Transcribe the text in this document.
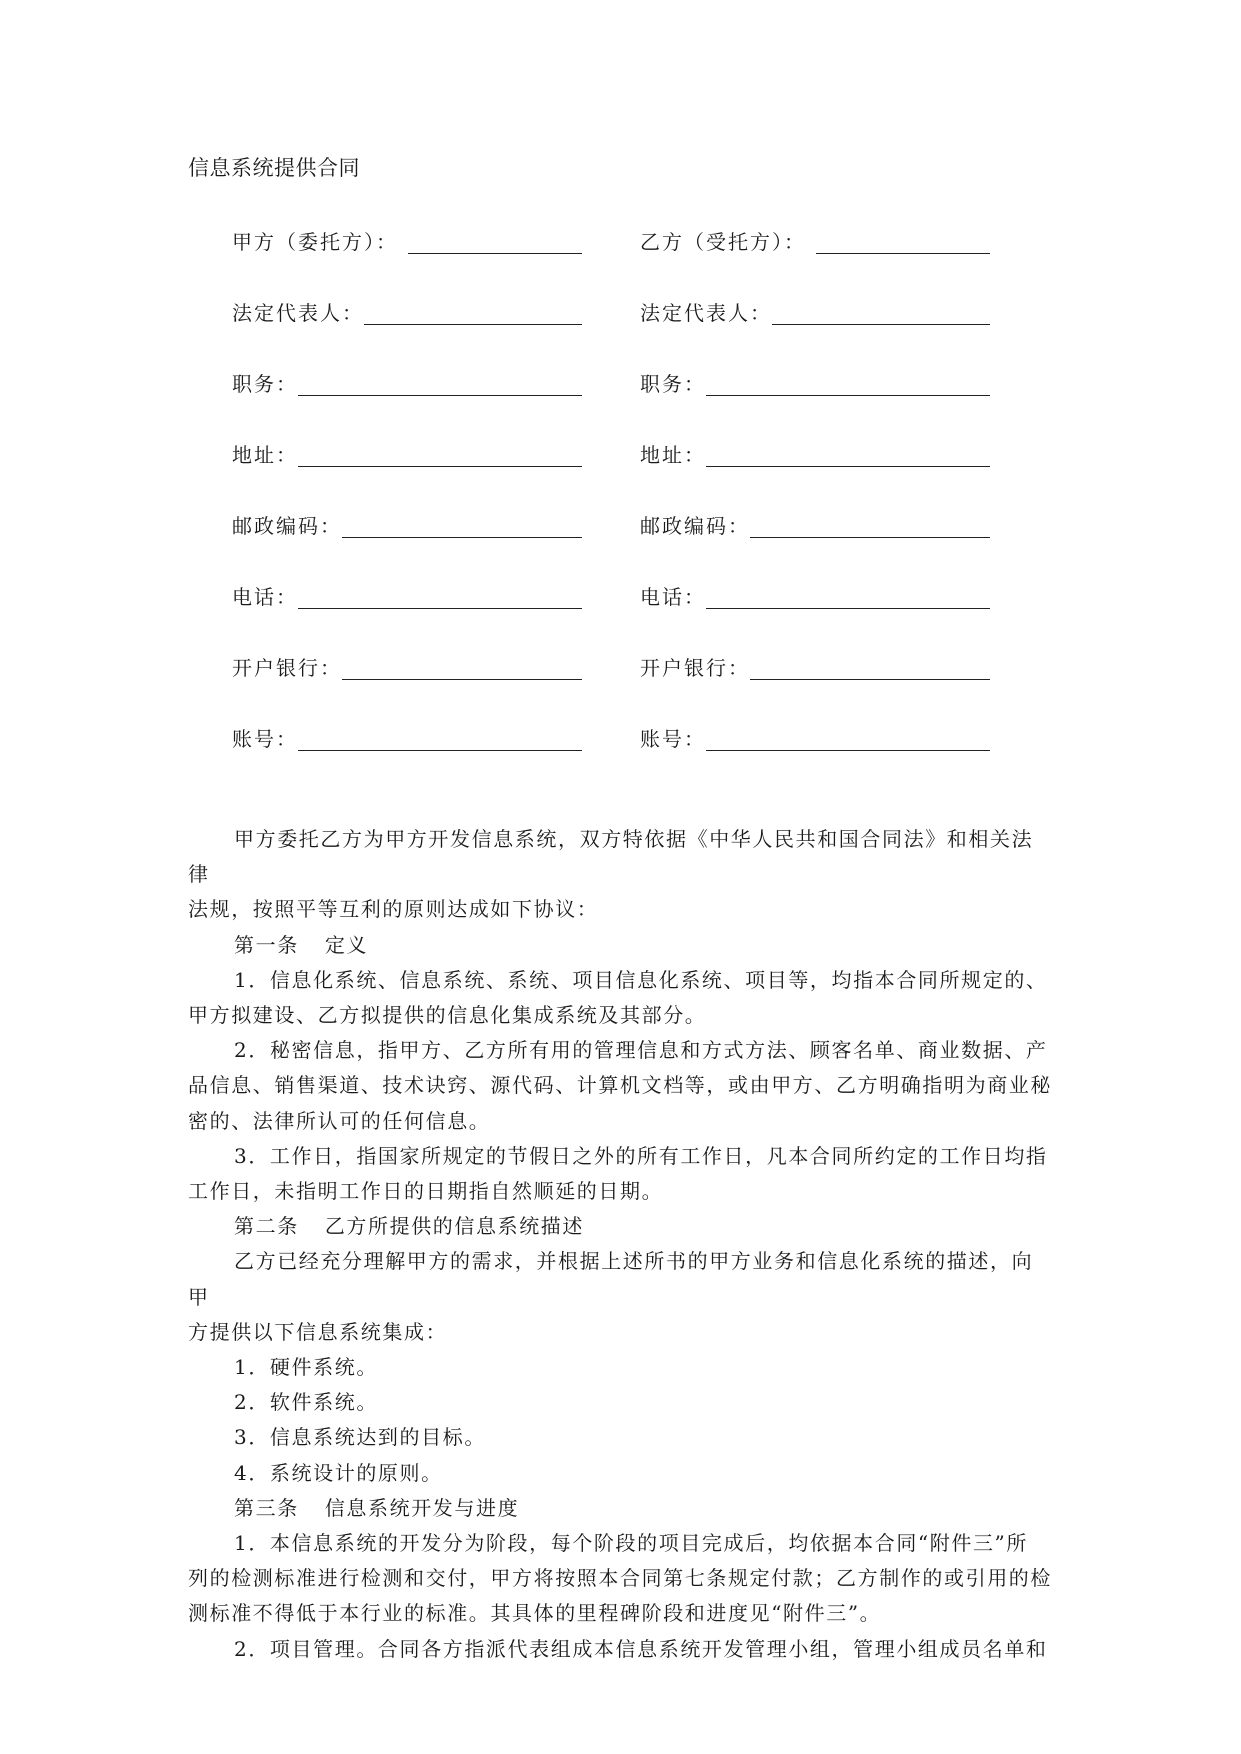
信息系统提供合同
甲方（委托方）：
法定代表人：
职务：
地址：
邮政编码：
电话：
开户银行：
账号：
乙方（受托方）：
法定代表人：
职务：
地址：
邮政编码：
电话：
开户银行：
账号：

甲方委托乙方为甲方开发信息系统，双方特依据《中华人民共和国合同法》和相关法律

法规，按照平等互利的原则达成如下协议：

第一条 定义

1．信息化系统、信息系统、系统、项目信息化系统、项目等，均指本合同所规定的、

甲方拟建设、乙方拟提供的信息化集成系统及其部分。

2．秘密信息，指甲方、乙方所有用的管理信息和方式方法、顾客名单、商业数据、产

品信息、销售渠道、技术诀窍、源代码、计算机文档等，或由甲方、乙方明确指明为商业秘

密的、法律所认可的任何信息。

3．工作日，指国家所规定的节假日之外的所有工作日，凡本合同所约定的工作日均指

工作日，未指明工作日的日期指自然顺延的日期。

第二条 乙方所提供的信息系统描述

乙方已经充分理解甲方的需求，并根据上述所书的甲方业务和信息化系统的描述，向甲

方提供以下信息系统集成：

1．硬件系统。

2．软件系统。

3．信息系统达到的目标。

4．系统设计的原则。

第三条 信息系统开发与进度

1．本信息系统的开发分为阶段，每个阶段的项目完成后，均依据本合同“附件三”所

列的检测标准进行检测和交付，甲方将按照本合同第七条规定付款；乙方制作的或引用的检

测标准不得低于本行业的标准。其具体的里程碑阶段和进度见“附件三”。

2．项目管理。合同各方指派代表组成本信息系统开发管理小组，管理小组成员名单和
